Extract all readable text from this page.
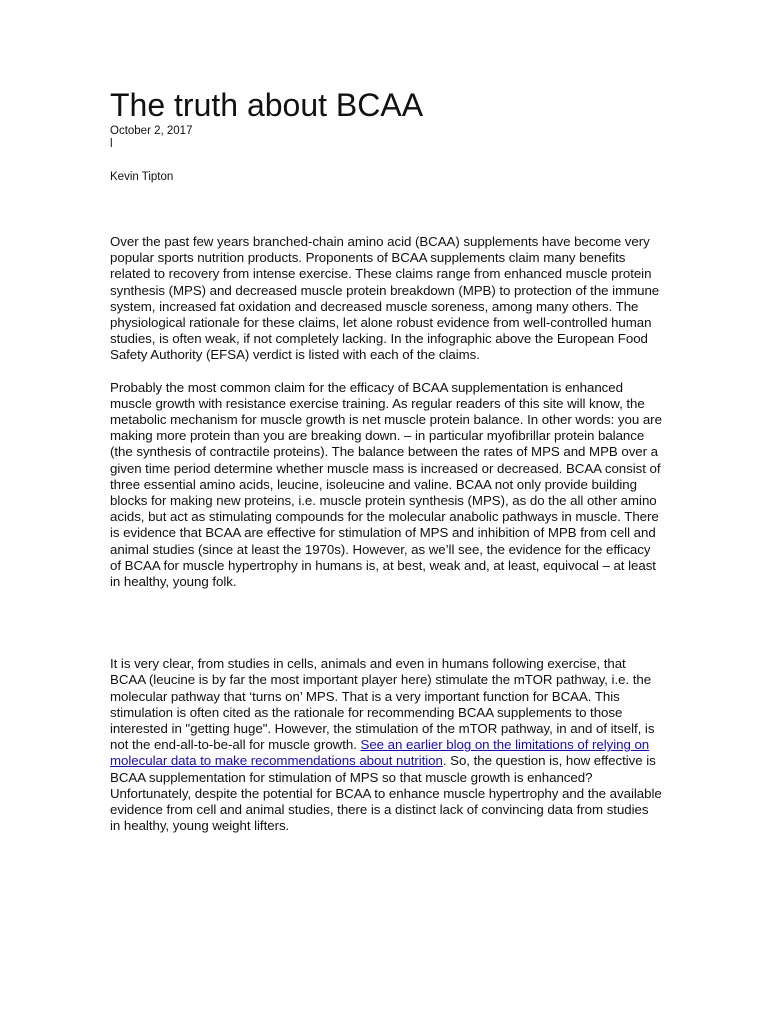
The truth about BCAA
October 2, 2017
l
Kevin Tipton

Over the past few years branched-chain amino acid (BCAA) supplements have become very popular sports nutrition products. Proponents of BCAA supplements claim many benefits related to recovery from intense exercise. These claims range from enhanced muscle protein synthesis (MPS) and decreased muscle protein breakdown (MPB) to protection of the immune system, increased fat oxidation and decreased muscle soreness, among many others. The physiological rationale for these claims, let alone robust evidence from well-controlled human studies, is often weak, if not completely lacking. In the infographic above the European Food Safety Authority (EFSA) verdict is listed with each of the claims.

Probably the most common claim for the efficacy of BCAA supplementation is enhanced muscle growth with resistance exercise training. As regular readers of this site will know, the metabolic mechanism for muscle growth is net muscle protein balance. In other words: you are making more protein than you are breaking down. – in particular myofibrillar protein balance (the synthesis of contractile proteins). The balance between the rates of MPS and MPB over a given time period determine whether muscle mass is increased or decreased. BCAA consist of three essential amino acids, leucine, isoleucine and valine. BCAA not only provide building blocks for making new proteins, i.e. muscle protein synthesis (MPS), as do the all other amino acids, but act as stimulating compounds for the molecular anabolic pathways in muscle. There is evidence that BCAA are effective for stimulation of MPS and inhibition of MPB from cell and animal studies (since at least the 1970s). However, as we’ll see, the evidence for the efficacy of BCAA for muscle hypertrophy in humans is, at best, weak and, at least, equivocal – at least in healthy, young folk.

It is very clear, from studies in cells, animals and even in humans following exercise, that BCAA (leucine is by far the most important player here) stimulate the mTOR pathway, i.e. the molecular pathway that ‘turns on’ MPS. That is a very important function for BCAA. This stimulation is often cited as the rationale for recommending BCAA supplements to those interested in "getting huge". However, the stimulation of the mTOR pathway, in and of itself, is not the end-all-to-be-all for muscle growth. See an earlier blog on the limitations of relying on molecular data to make recommendations about nutrition. So, the question is, how effective is BCAA supplementation for stimulation of MPS so that muscle growth is enhanced? Unfortunately, despite the potential for BCAA to enhance muscle hypertrophy and the available evidence from cell and animal studies, there is a distinct lack of convincing data from studies in healthy, young weight lifters.
